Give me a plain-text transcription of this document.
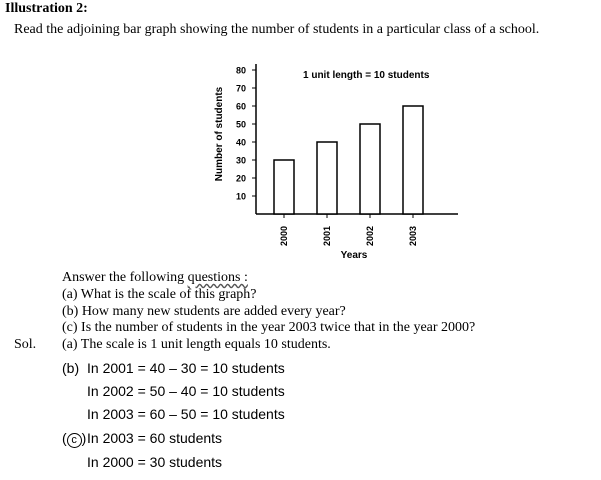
Illustration 2:
Read the adjoining bar graph showing the number of students in a particular class of a school.
Number of students
Years
1 unit length = 10 students
10
20
30
40
50
60
70
80
2000	2001	2002	2003
Answer the following questions :
(a) What is the scale of this graph?
(b) How many new students are added every year?
(c) Is the number of students in the year 2003 twice that in the year 2000?
Sol. (a) The scale is 1 unit length equals 10 students.
(b) In 2001 = 40 – 30 = 10 students
In 2002 = 50 – 40 = 10 students
In 2003 = 60 – 50 = 10 students
( c ) In 2003 = 60 students
In 2000 = 30 students
